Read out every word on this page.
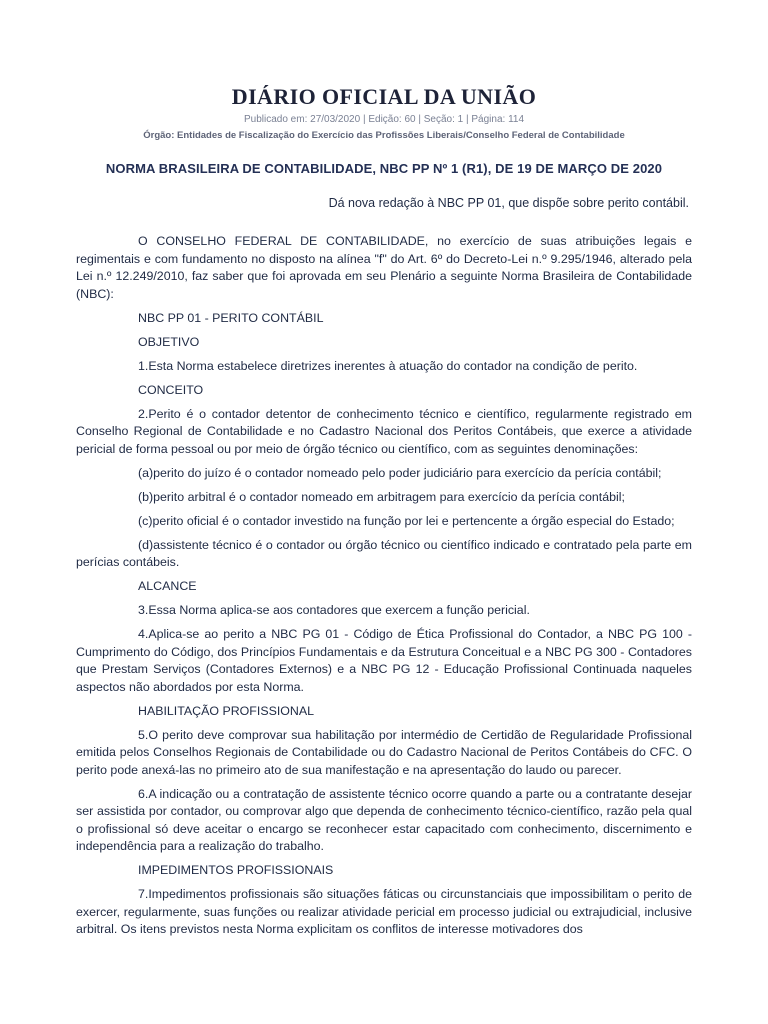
DIÁRIO OFICIAL DA UNIÃO
Publicado em: 27/03/2020 | Edição: 60 | Seção: 1 | Página: 114
Órgão: Entidades de Fiscalização do Exercício das Profissões Liberais/Conselho Federal de Contabilidade
NORMA BRASILEIRA DE CONTABILIDADE, NBC PP Nº 1 (R1), DE 19 DE MARÇO DE 2020
Dá nova redação à NBC PP 01, que dispõe sobre perito contábil.

O CONSELHO FEDERAL DE CONTABILIDADE, no exercício de suas atribuições legais e regimentais e com fundamento no disposto na alínea "f" do Art. 6º do Decreto-Lei n.º 9.295/1946, alterado pela Lei n.º 12.249/2010, faz saber que foi aprovada em seu Plenário a seguinte Norma Brasileira de Contabilidade (NBC):

NBC PP 01 - PERITO CONTÁBIL

OBJETIVO

1.Esta Norma estabelece diretrizes inerentes à atuação do contador na condição de perito.

CONCEITO

2.Perito é o contador detentor de conhecimento técnico e científico, regularmente registrado em Conselho Regional de Contabilidade e no Cadastro Nacional dos Peritos Contábeis, que exerce a atividade pericial de forma pessoal ou por meio de órgão técnico ou científico, com as seguintes denominações:

(a)perito do juízo é o contador nomeado pelo poder judiciário para exercício da perícia contábil;

(b)perito arbitral é o contador nomeado em arbitragem para exercício da perícia contábil;

(c)perito oficial é o contador investido na função por lei e pertencente a órgão especial do Estado;

(d)assistente técnico é o contador ou órgão técnico ou científico indicado e contratado pela parte em perícias contábeis.

ALCANCE

3.Essa Norma aplica-se aos contadores que exercem a função pericial.

4.Aplica-se ao perito a NBC PG 01 - Código de Ética Profissional do Contador, a NBC PG 100 - Cumprimento do Código, dos Princípios Fundamentais e da Estrutura Conceitual e a NBC PG 300 - Contadores que Prestam Serviços (Contadores Externos) e a NBC PG 12 - Educação Profissional Continuada naqueles aspectos não abordados por esta Norma.

HABILITAÇÃO PROFISSIONAL

5.O perito deve comprovar sua habilitação por intermédio de Certidão de Regularidade Profissional emitida pelos Conselhos Regionais de Contabilidade ou do Cadastro Nacional de Peritos Contábeis do CFC. O perito pode anexá-las no primeiro ato de sua manifestação e na apresentação do laudo ou parecer.

6.A indicação ou a contratação de assistente técnico ocorre quando a parte ou a contratante desejar ser assistida por contador, ou comprovar algo que dependa de conhecimento técnico-científico, razão pela qual o profissional só deve aceitar o encargo se reconhecer estar capacitado com conhecimento, discernimento e independência para a realização do trabalho.

IMPEDIMENTOS PROFISSIONAIS

7.Impedimentos profissionais são situações fáticas ou circunstanciais que impossibilitam o perito de exercer, regularmente, suas funções ou realizar atividade pericial em processo judicial ou extrajudicial, inclusive arbitral. Os itens previstos nesta Norma explicitam os conflitos de interesse motivadores dos
